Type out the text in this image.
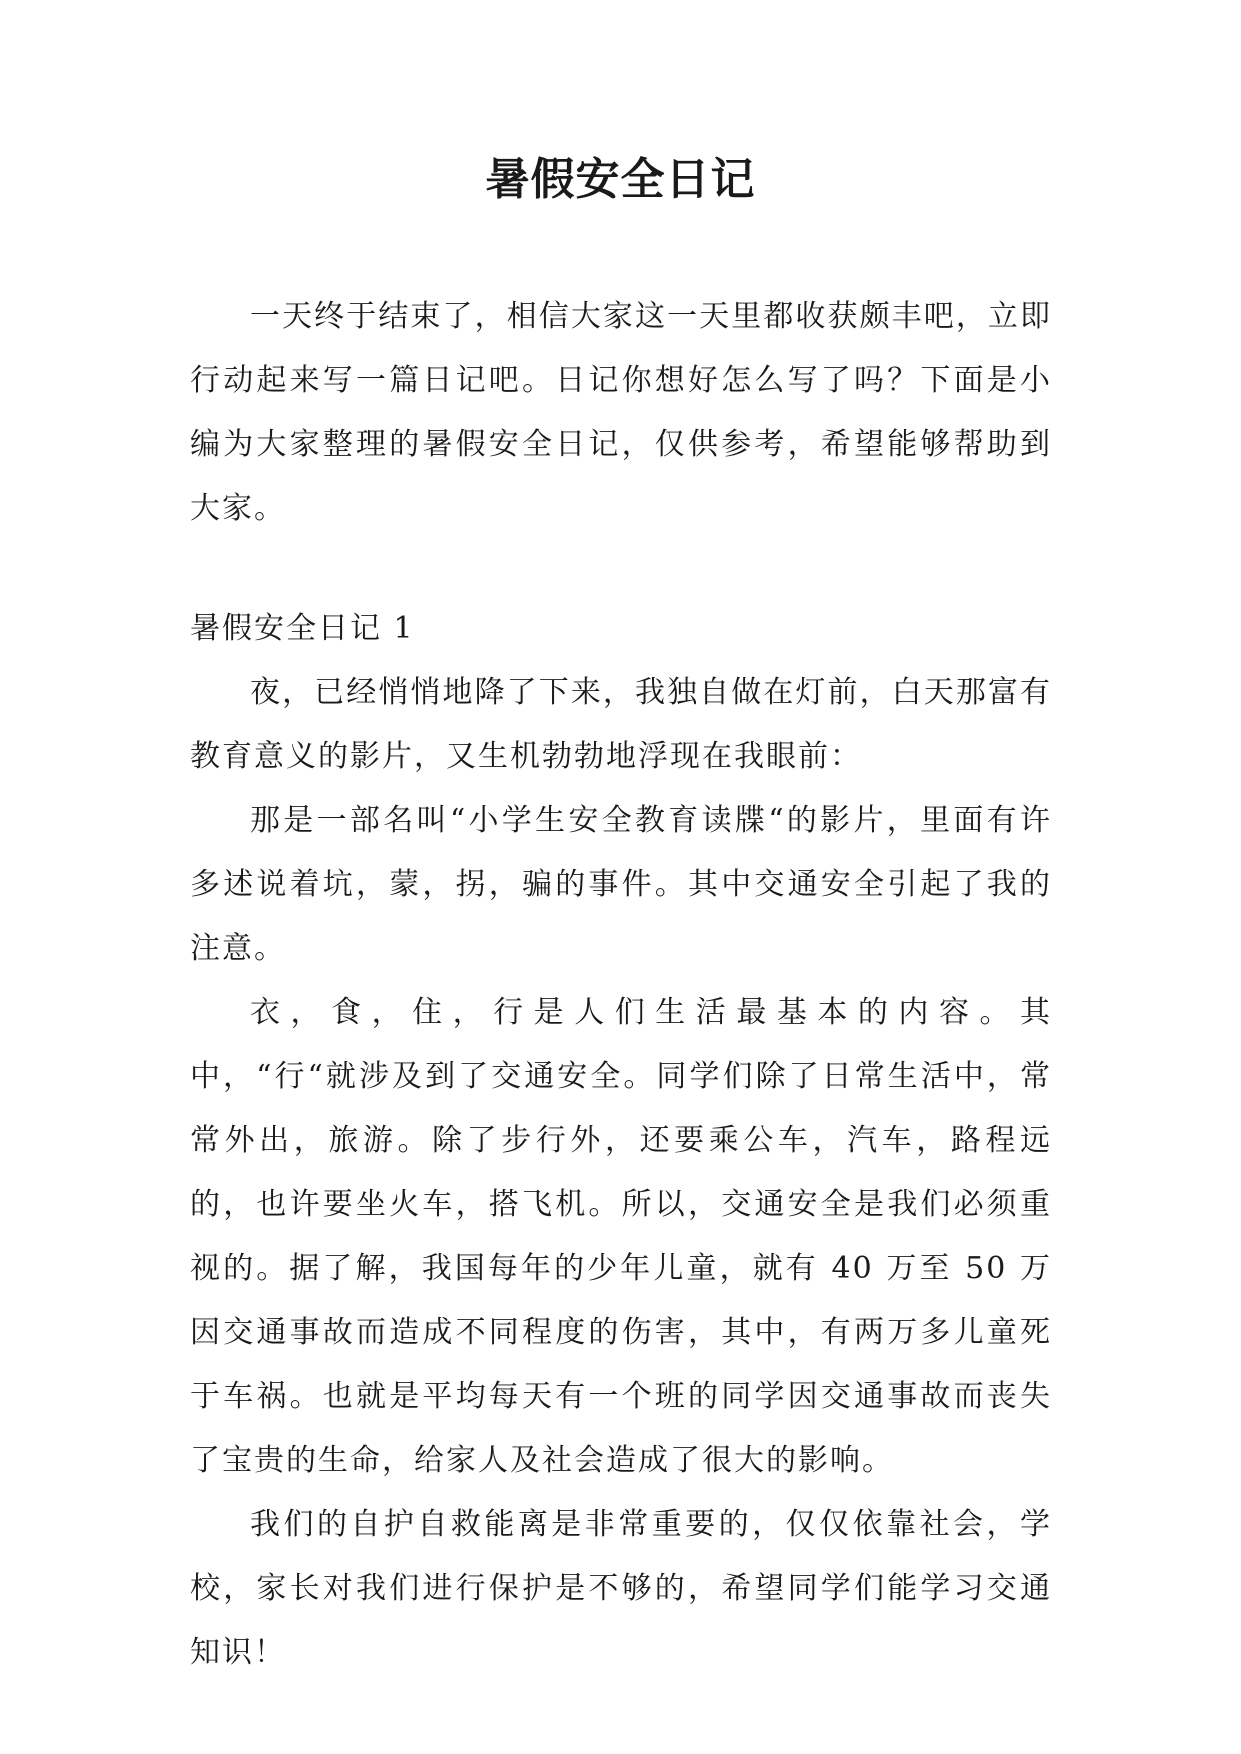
暑假安全日记

一天终于结束了，相信大家这一天里都收获颇丰吧，立即行动起来写一篇日记吧。日记你想好怎么写了吗？下面是小编为大家整理的暑假安全日记，仅供参考，希望能够帮助到大家。

暑假安全日记 1

夜，已经悄悄地降了下来，我独自做在灯前，白天那富有教育意义的影片，又生机勃勃地浮现在我眼前：

那是一部名叫“小学生安全教育读牒“的影片，里面有许多述说着坑，蒙，拐，骗的事件。其中交通安全引起了我的注意。

衣，食，住，行是人们生活最基本的内容。其中，“行“就涉及到了交通安全。同学们除了日常生活中，常常外出，旅游。除了步行外，还要乘公车，汽车，路程远的，也许要坐火车，搭飞机。所以，交通安全是我们必须重视的。据了解，我国每年的少年儿童，就有 40 万至 50 万因交通事故而造成不同程度的伤害，其中，有两万多儿童死于车祸。也就是平均每天有一个班的同学因交通事故而丧失了宝贵的生命，给家人及社会造成了很大的影响。

我们的自护自救能离是非常重要的，仅仅依靠社会，学校，家长对我们进行保护是不够的，希望同学们能学习交通知识！
